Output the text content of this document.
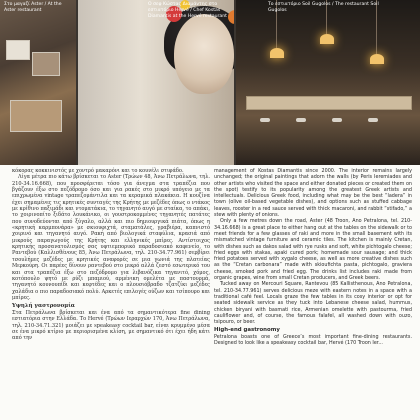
Στο μαγαζί Aster / At the Aster restaurant
Ο σεφ Κώστας Διαμάντης στο εστιατόριο Hervé / Chef Kostas Diamantis at the Hervé restaurant
Το εστιατόριο Soil Gugolos / The restaurant Soil Gugolos

κόκορας κοκκινιστός με χοντρό μακαρόνι και το κουνέλι στιφάδο.

Λίγα μέτρα πιο κάτω βρίσκεται το Aster (Τρώων 48, Άνω Πετράλωνα, τηλ. 210-34.16.668), που προσφέρεται τόσο για άνεγμα στα τραπέζια που βγάζουν έξω στο πεζόδρομο όσο και για ρακές στο μικρό υπόγειο με τα επιχρωμένα vintage τραπεζομάντιλα και τα κεραμικά πλακάκια. Η κουζίνα έχει σημαμένες τις κρητικές συνταγές της Κρήτης με μεζέδες όπως ο ντάκος με κρίθινο παξιμάδι και ντοματάκια, το τηγανητό αυγό με σταίκα, το απάκι, το χοιρινοπίτο ξιδάτο λουκάνικο, οι γουστροκομμένες τηγανητές πατάτες που συνοδεύονται από ξύγαλο, αλλά και πιο δημιουργικά πιάτα, όπως η «κρητική καρμπονάρα» με σκιουφιχτά, σταματάλες, γραβιέρα, καπνιστό χοιρινό και τηγανητό αυγό. Ρακή από βιολογικά σταφύλια, κρασιά από μικρούς παραγωγούς της Κρήτης και ελληνικές μπίρες. Αντίστοιχος κρητικής προσανατολισμός σας υφτιεμπορικό παραδοσιακό καφενείο, το Ραντεβού (Καλλισθένους 85, Άνω Πετράλωνα, τηλ. 210-34.77.961) σερβίρει τσουλήμες μεζέδες με κρητικές αναφορές σε μια γωνιά της πλατείας Μερκούρη. Οι παρέες δίνουν ραντεβού στο μικρό αλλά ζεστό εσωτερικό του και στα τραπέζια έξω στο πεζόδρομο για λιβανόζικα τηγανιτό, χόμος, κοτόπουλο ψητό με ρύζι μπαμιού, αρμένικη ομελέτα με παστουρμά, τηγανητό κουνουπίδι και κεφτέδες και ο πλουσιόβραδο τζατζίκι μεζέδες χαλάδια ο πιο παραδοσιακό πολύ. Αρκετές επιλογές ούζων και τσίπουρο και μπίρες.

Υψηλή γαστρονομία

Στα Πετράλωνα βρίσκεται και ένα από τα σημαντικότερα fine dining εστιατόρια στην Ελλάδα. Το Hervé (Τρώων Ιεραρχών 170, Άνω Πετράλωνα, τηλ. 210-34.71.321) μοιάζει με speakeasy cocktail bar, είναι κρυμμένο μέσα σε ένα μικρό κτίριο με περιορισμένα κλίση, με σημαντικό ότι έχει ήδη κάτι από την

management of Kostas Diamantis since 2000. The interior remains largely unchanged; the original paintings that adorn the walls (by Peris Ieremiades and other artists who visited the space and either donated pieces or created them on the spot) testify to its popularity among the greatest Greek artists and intellectuals. Delicious Greek food, including what may be the best “ladera” in town (olive oil-based vegetable dishes), and options such as stuffed cabbage leaves, rooster in a red sauce served with thick macaroni, and rabbit “stifado,” a stew with plenty of onions.

Only a few metres down the road, Aster (48 Troon, Ano Petralona, tel. 210-34.16.668) is a great place to either hang out at the tables on the sidewalk or to meet friends for a few glasses of raki and more in the small basement with its mismatched vintage furniture and ceramic tiles. The kitchen is mainly Cretan, with dishes such as dakos salad with rye rusks and soft, white pichtogalo cheese; fried eggs with stakas, apaki cured pork; homemade sour sausage; and thick fried potatoes served with xygalo cheese, as well as more creative dishes such as the “Cretan carbonara” made with skioufichta pasta, pichtogalo, graviera cheese, smoked pork and fried egg. The drinks list includes raki made from organic grapes, wine from small Cretan producers, and Greek beers.

Tucked away on Mercouri Square, Rantevou (85 Kallisthenous, Ano Petralona, tel. 210-34.77.961) serves delicious meze with eastern notes in a space with a traditional café feel. Locals graze the few tables in its cosy interior or opt for seated sidewalk service as they tuck into Lebanese cheese salad, hummus, chicken biryani with basmati rice, Armenian omelette with pastourma, fried cauliflower and, of course, the famous falafel, all washed down with ouzo, tsipouro, or beer.

High-end gastronomy

Petralona boasts one of Greece’s most important fine-dining restaurants. Designed to look like a speakeasy cocktail bar, Hervé (170 Troon Ier...
